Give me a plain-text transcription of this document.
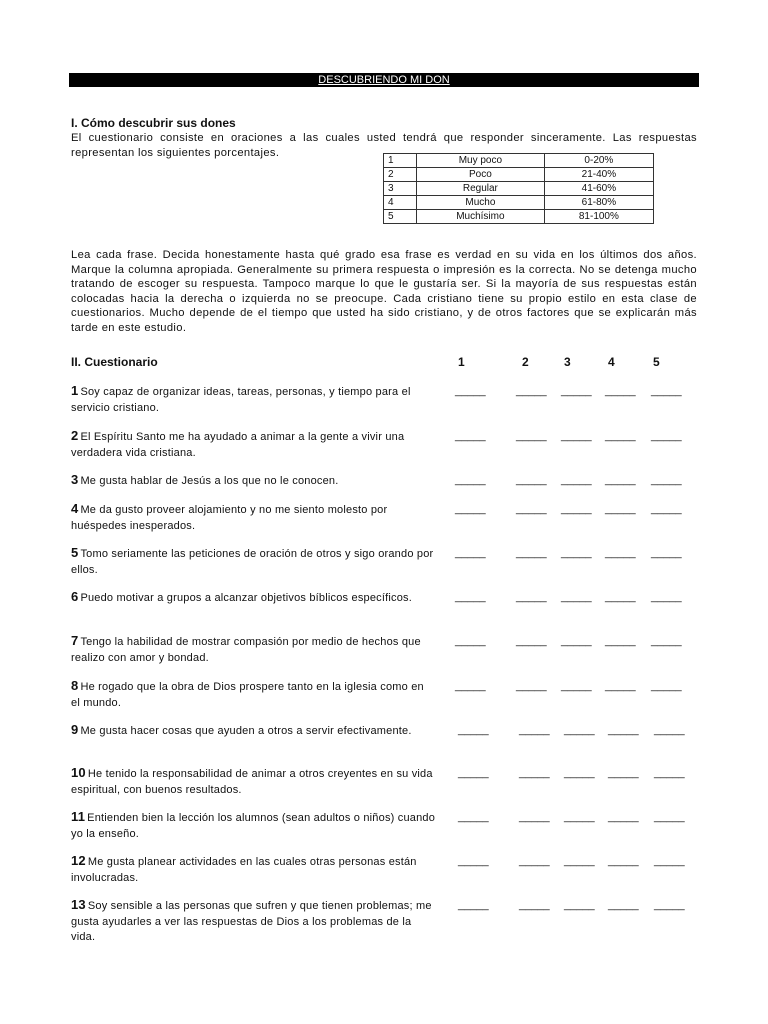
DESCUBRIENDO MI DON
I. Cómo descubrir sus dones
El cuestionario consiste en oraciones a las cuales usted tendrá que responder sinceramente. Las respuestas representan los siguientes porcentajes.
1	Muy poco	0-20%
2	Poco	21-40%
3	Regular	41-60%
4	Mucho	61-80%
5	Muchísimo	81-100%
Lea cada frase. Decida honestamente hasta qué grado esa frase es verdad en su vida en los últimos dos años. Marque la columna apropiada. Generalmente su primera respuesta o impresión es la correcta. No se detenga mucho tratando de escoger su respuesta. Tampoco marque lo que le gustaría ser. Si la mayoría de sus respuestas están colocadas hacia la derecha o izquierda no se preocupe. Cada cristiano tiene su propio estilo en esta clase de cuestionarios. Mucho depende de el tiempo que usted ha sido cristiano, y de otros factores que se explicarán más tarde en este estudio.
II. Cuestionario	1	2	3	4	5
1 Soy capaz de organizar ideas, tareas, personas, y tiempo para el servicio cristiano.
_____	_____ _____ _____ _____
2 El Espíritu Santo me ha ayudado a animar a la gente a vivir una verdadera vida cristiana.
_____	_____ _____ _____ _____
3 Me gusta hablar de Jesús a los que no le conocen.	_____	_____ _____ _____ _____
4 Me da gusto proveer alojamiento y no me siento molesto por huéspedes inesperados.
_____	_____ _____ _____ _____
5 Tomo seriamente las peticiones de oración de otros y sigo orando por ellos.
_____	_____ _____ _____ _____
6 Puedo motivar a grupos a alcanzar objetivos bíblicos específicos.	_____	_____ _____ _____ _____
7 Tengo la habilidad de mostrar compasión por medio de hechos que realizo con amor y bondad.
_____	_____ _____ _____ _____
8 He rogado que la obra de Dios prospere tanto en la iglesia como en el mundo.
_____	_____ _____ _____ _____
9 Me gusta hacer cosas que ayuden a otros a servir efectivamente.	_____	_____ _____ _____ _____
10 He tenido la responsabilidad de animar a otros creyentes en su vida espiritual, con buenos resultados.
_____	_____ _____ _____ _____
11 Entienden bien la lección los alumnos (sean adultos o niños) cuando yo la enseño.
_____	_____ _____ _____ _____
12 Me gusta planear actividades en las cuales otras personas están involucradas.
_____	_____ _____ _____ _____
13 Soy sensible a las personas que sufren y que tienen problemas; me gusta ayudarles a ver las respuestas de Dios a los problemas de la vida.
_____	_____ _____ _____ _____
